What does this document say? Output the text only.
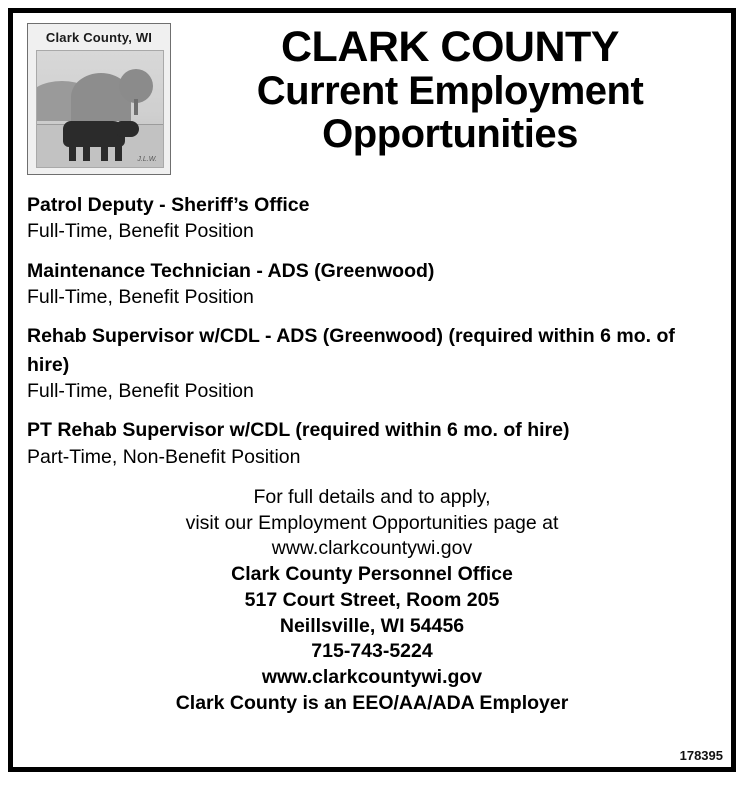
Clark County, WI
J.L.W.
CLARK COUNTY
Current Employment
Opportunities
Patrol Deputy - Sheriff’s Office
Full-Time, Benefit Position
Maintenance Technician - ADS (Greenwood)
Full-Time, Benefit Position
Rehab Supervisor w/CDL - ADS (Greenwood) (required within 6 mo. of hire)
Full-Time, Benefit Position
PT Rehab Supervisor w/CDL (required within 6 mo. of hire)
Part-Time, Non-Benefit Position
For full details and to apply,
visit our Employment Opportunities page at
www.clarkcountywi.gov
Clark County Personnel Office
517 Court Street, Room 205
Neillsville, WI 54456
715-743-5224
www.clarkcountywi.gov
Clark County is an EEO/AA/ADA Employer
178395
